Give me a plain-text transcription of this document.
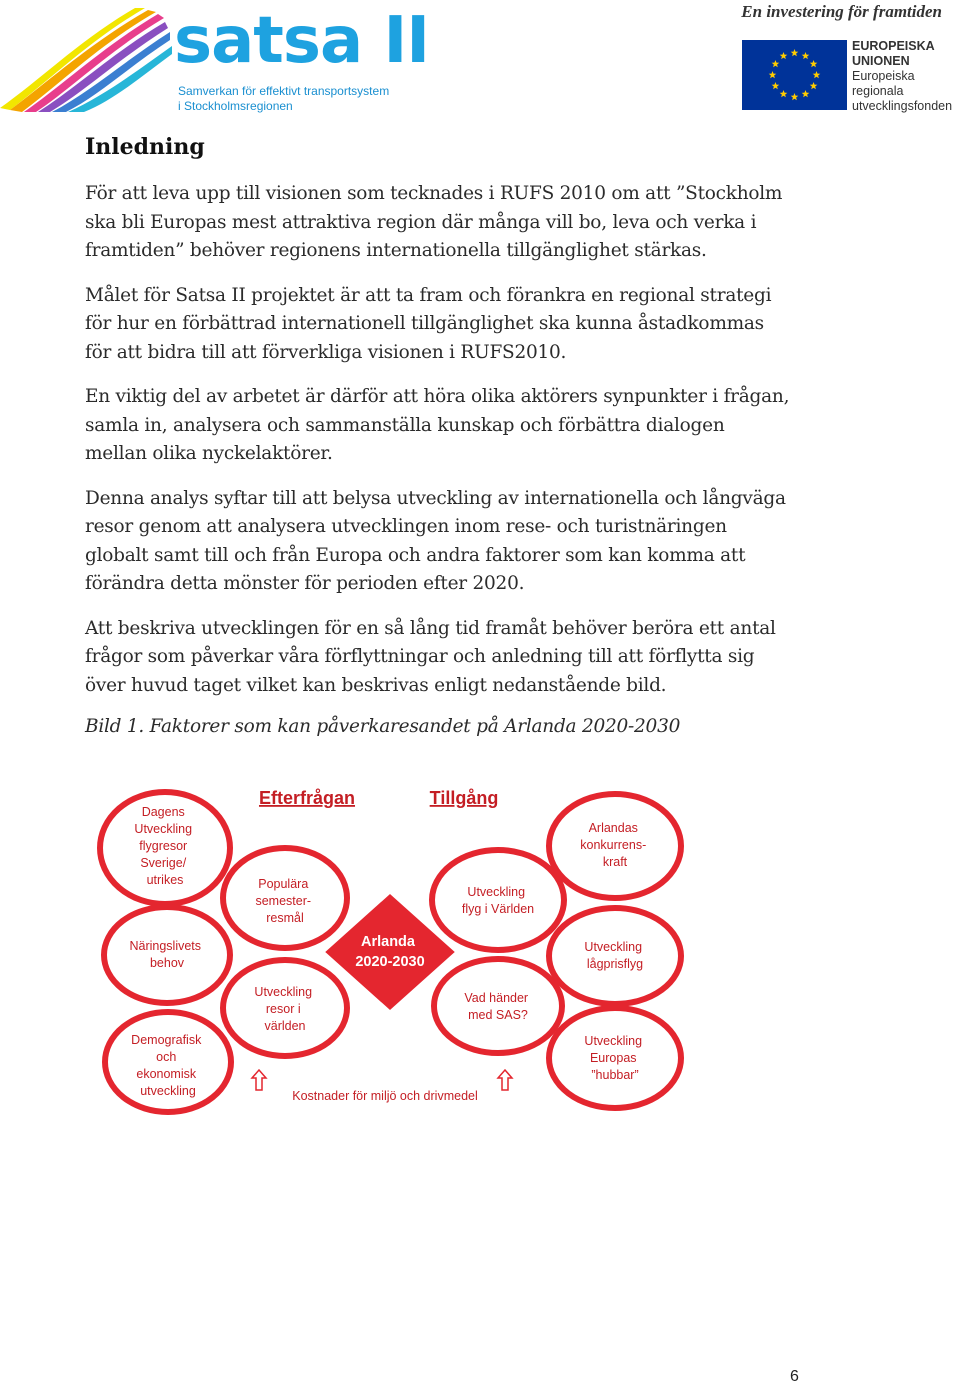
satsa II
Samverkan för effektivt transportsystem
i Stockholmsregionen
En investering för framtiden
EUROPEISKA
UNIONEN
Europeiska
regionala
utvecklingsfonden
Inledning
För att leva upp till visionen som tecknades i RUFS 2010 om att ”Stockholm
ska bli Europas mest attraktiva region där många vill bo, leva och verka i
framtiden” behöver regionens internationella tillgänglighet stärkas.
Målet för Satsa II projektet är att ta fram och förankra en regional strategi
för hur en förbättrad internationell tillgänglighet ska kunna åstadkommas
för att bidra till att förverkliga visionen i RUFS2010.
En viktig del av arbetet är därför att höra olika aktörers synpunkter i frågan,
samla in, analysera och sammanställa kunskap och förbättra dialogen
mellan olika nyckelaktörer.
Denna analys syftar till att belysa utveckling av internationella och långväga
resor genom att analysera utvecklingen inom rese- och turistnäringen
globalt samt till och från Europa och andra faktorer som kan komma att
förändra detta mönster för perioden efter 2020.
Att beskriva utvecklingen för en så lång tid framåt behöver beröra ett antal
frågor som påverkar våra förflyttningar och anledning till att förflytta sig
över huvud taget vilket kan beskrivas enligt nedanstående bild.
Bild 1. Faktorer som kan påverkaresandet på Arlanda 2020-2030
Efterfrågan	Tillgång
Dagens Utveckling flygresor Sverige/ utrikes
Näringslivets behov
Demografisk och ekonomisk utveckling
Populära semester- resmål
Utveckling resor i världen
Arlanda 2020-2030
Utveckling flyg i Världen
Vad händer med SAS?
Arlandas konkurrens- kraft
Utveckling lågprisflyg
Utveckling Europas ”hubbar”
Kostnader för miljö och drivmedel
6
